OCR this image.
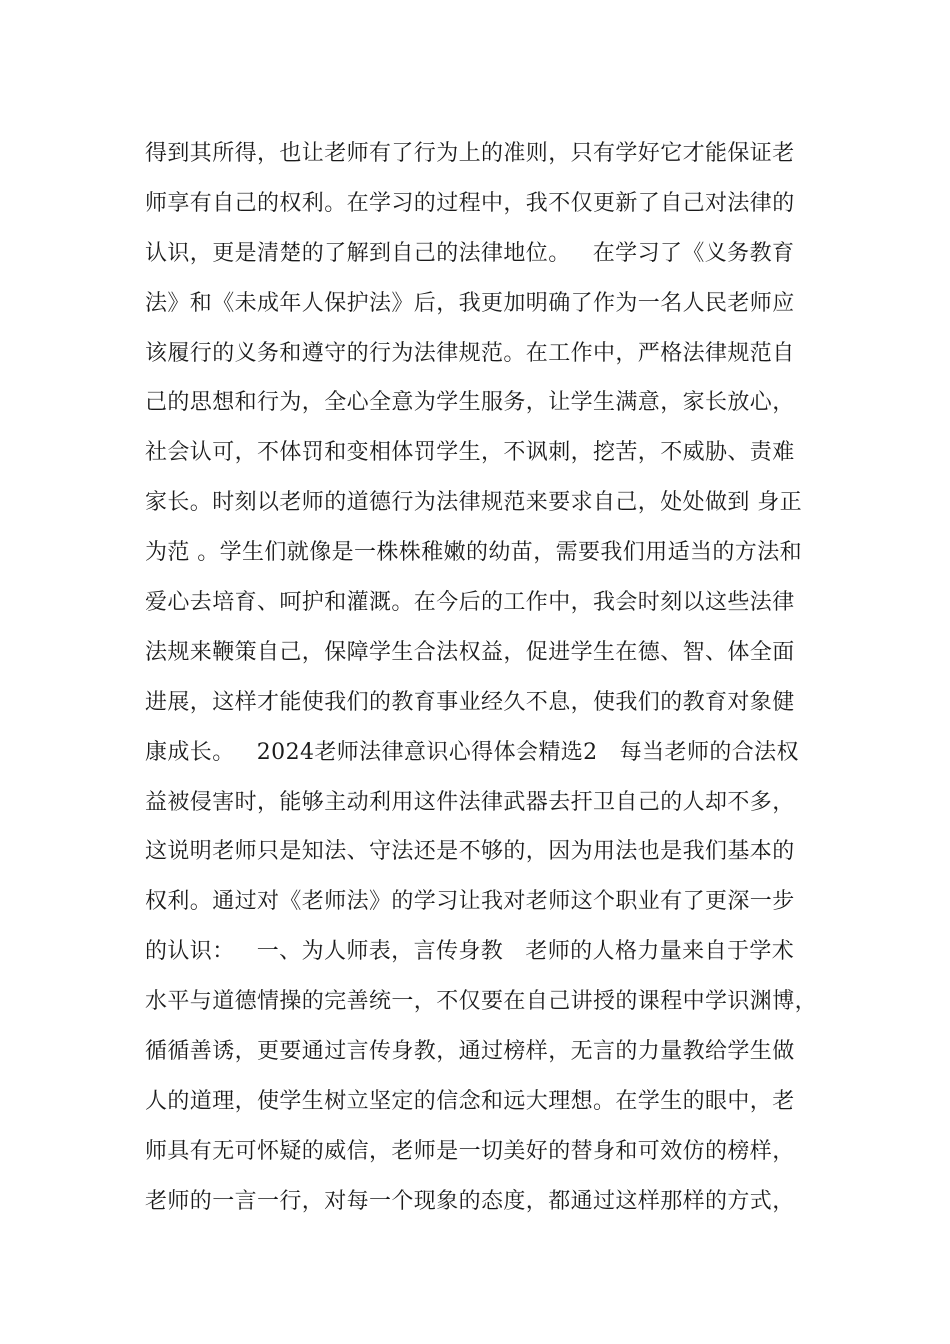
得到其所得，也让老师有了行为上的准则，只有学好它才能保证老
师享有自己的权利。在学习的过程中，我不仅更新了自己对法律的
认识，更是清楚的了解到自己的法律地位。   在学习了《义务教育
法》和《未成年人保护法》后，我更加明确了作为一名人民老师应
该履行的义务和遵守的行为法律规范。在工作中，严格法律规范自
己的思想和行为，全心全意为学生服务，让学生满意，家长放心，
社会认可，不体罚和变相体罚学生，不讽刺，挖苦，不威胁、责难
家长。时刻以老师的道德行为法律规范来要求自己，处处做到 身正
为范 。学生们就像是一株株稚嫩的幼苗，需要我们用适当的方法和
爱心去培育、呵护和灌溉。在今后的工作中，我会时刻以这些法律
法规来鞭策自己，保障学生合法权益，促进学生在德、智、体全面
进展，这样才能使我们的教育事业经久不息，使我们的教育对象健
康成长。   2024老师法律意识心得体会精选2   每当老师的合法权
益被侵害时，能够主动利用这件法律武器去扞卫自己的人却不多，
这说明老师只是知法、守法还是不够的，因为用法也是我们基本的
权利。通过对《老师法》的学习让我对老师这个职业有了更深一步
的认识：   一、为人师表，言传身教   老师的人格力量来自于学术
水平与道德情操的完善统一，不仅要在自己讲授的课程中学识渊博，
循循善诱，更要通过言传身教，通过榜样，无言的力量教给学生做
人的道理，使学生树立坚定的信念和远大理想。在学生的眼中，老
师具有无可怀疑的威信，老师是一切美好的替身和可效仿的榜样，
老师的一言一行，对每一个现象的态度，都通过这样那样的方式，
